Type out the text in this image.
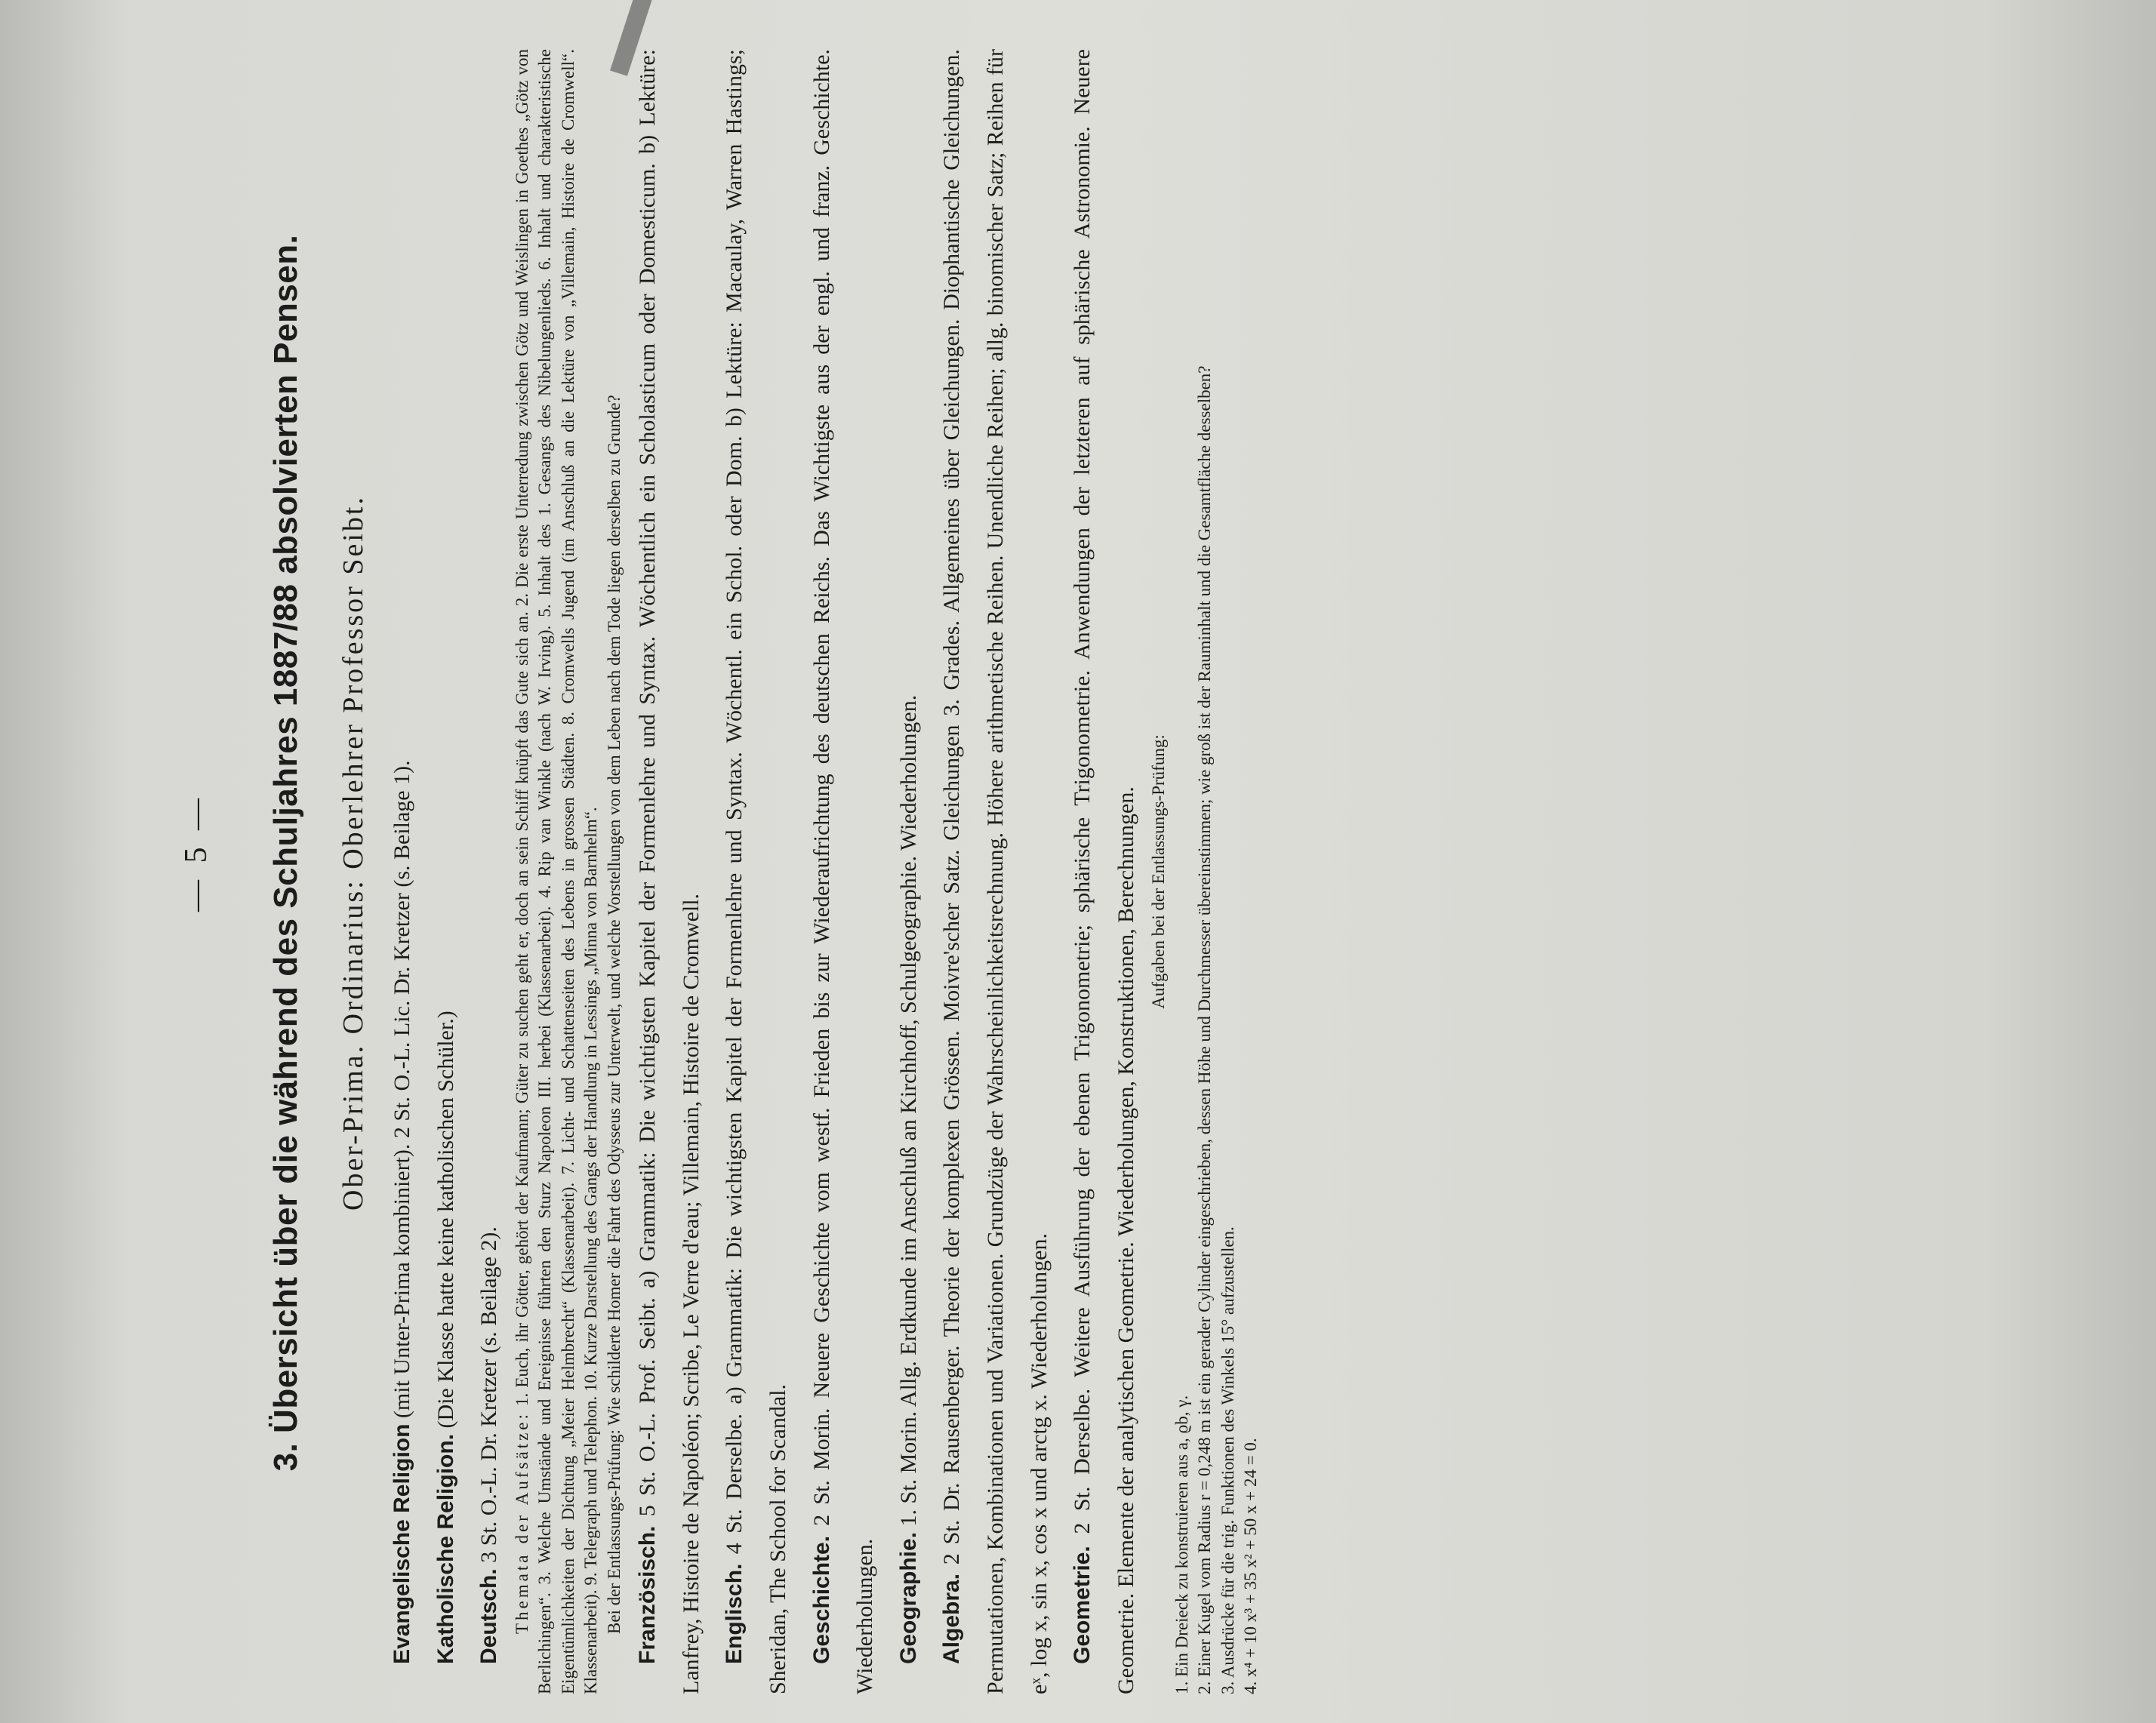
— 5 — 3. Übersicht über die während des Schuljahres 1887/88 absolvierten Pensen. Ober-Prima. Ordinarius: Oberlehrer Professor Seibt.

Evangelische Religion (mit Unter-Prima kombiniert). 2 St. O.-L. Lic. Dr. Kretzer (s. Beilage 1).

Katholische Religion. (Die Klasse hatte keine katholischen Schüler.)

Deutsch. 3 St. O.-L. Dr. Kretzer (s. Beilage 2). Themata der Aufsätze: 1. Euch, ihr Götter, gehört der Kaufmann; Güter zu suchen geht er, doch an sein Schiff knüpft das Gute sich an. 2. Die erste Unterredung zwischen Götz und Weislingen in Goethes „Götz von Berlichingen“. 3. Welche Umstände und Ereignisse führten den Sturz Napoleon III. herbei (Klassenarbeit). 4. Rip van Winkle (nach W. Irving). 5. Inhalt des 1. Gesangs des Nibelungenlieds. 6. Inhalt und charakteristische Eigentümlichkeiten der Dichtung „Meier Helmbrecht“ (Klassenarbeit). 7. Licht- und Schattenseiten des Lebens in grossen Städten. 8. Cromwells Jugend (im Anschluß an die Lektüre von „Villemain, Histoire de Cromwell“. Klassenarbeit). 9. Telegraph und Telephon. 10. Kurze Darstellung des Gangs der Handlung in Lessings „Minna von Barnhelm“. Bei der Entlassungs-Prüfung: Wie schilderte Homer die Fahrt des Odysseus zur Unterwelt, und welche Vorstellungen von dem Leben nach dem Tode liegen derselben zu Grunde? Französisch. 5 St. O.-L. Prof. Seibt. a) Grammatik: Die wichtigsten Kapitel der Formenlehre und Syntax. Wöchentlich ein Scholasticum oder Domesticum. b) Lektüre: Lanfrey, Histoire de Napoléon; Scribe, Le Verre d'eau; Villemain, Histoire de Cromwell. Englisch. 4 St. Derselbe. a) Grammatik: Die wichtigsten Kapitel der Formenlehre und Syntax. Wöchentl. ein Schol. oder Dom. b) Lektüre: Macaulay, Warren Hastings; Sheridan, The School for Scandal. Geschichte. 2 St. Morin. Neuere Geschichte vom westf. Frieden bis zur Wiederaufrichtung des deutschen Reichs. Das Wichtigste aus der engl. und franz. Geschichte. Wiederholungen. Geographie. 1. St. Morin. Allg. Erdkunde im Anschluß an Kirchhoff, Schulgeographie. Wiederholungen.

Algebra. 2 St. Dr. Rausenberger. Theorie der komplexen Grössen. Moivre'scher Satz. Gleichungen 3. Grades. Allgemeines über Gleichungen. Diophantische Gleichungen. Permutationen, Kombinationen und Variationen. Grundzüge der Wahrscheinlichkeitsrechnung. Höhere arithmetische Reihen. Unendliche Reihen; allg. binomischer Satz; Reihen für eˣ, log x, sin x, cos x und arctg x. Wiederholungen. Geometrie. 2 St. Derselbe. Weitere Ausführung der ebenen Trigonometrie; sphärische Trigonometrie. Anwendungen der letzteren auf sphärische Astronomie. Neuere Geometrie. Elemente der analytischen Geometrie. Wiederholungen, Konstruktionen, Berechnungen. Aufgaben bei der Entlassungs-Prüfung:

1. Ein Dreieck zu konstruieren aus a, ϱb, γ. 2. Einer Kugel vom Radius r = 0,248 m ist ein gerader Cylinder eingeschrieben, dessen Höhe und Durchmesser übereinstimmen; wie groß ist der Rauminhalt und die Gesamtfläche desselben? 3. Ausdrücke für die trig. Funktionen des Winkels 15° aufzustellen. 4. x⁴ + 10 x³ + 35 x² + 50 x + 24 = 0.
